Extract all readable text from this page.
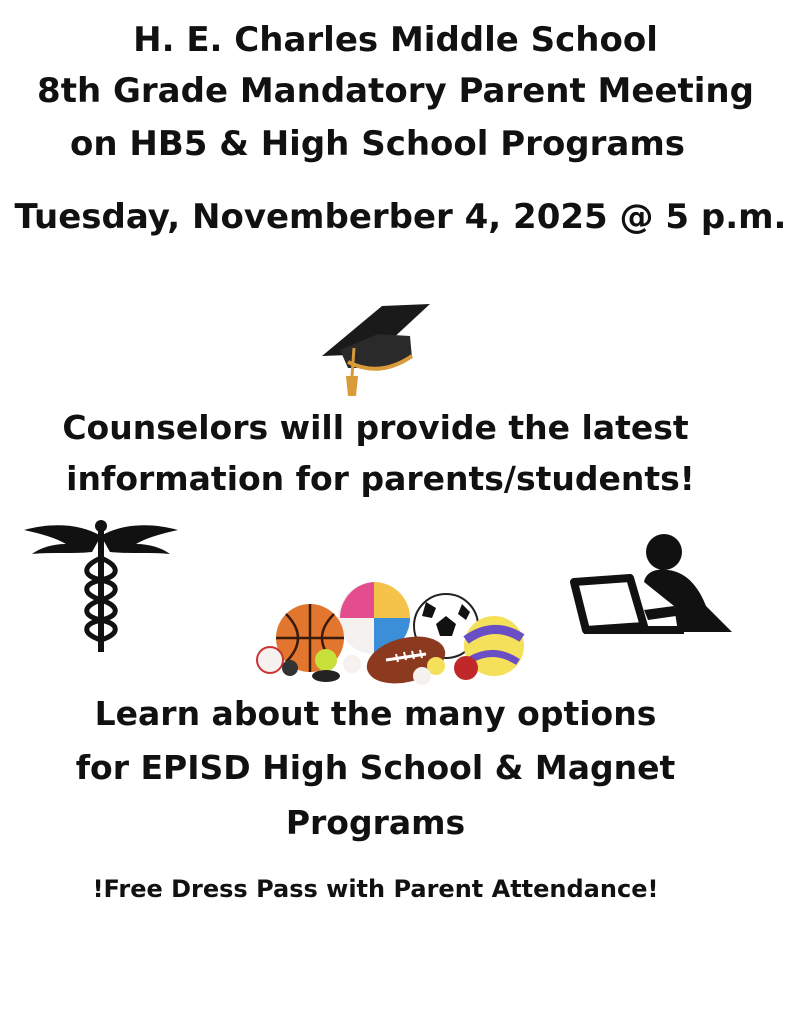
H. E. Charles Middle School
8th Grade Mandatory Parent Meeting
on HB5 & High School Programs
Tuesday, Novemberber 4, 2025 @ 5 p.m.
Counselors will provide the latest
information for parents/students!
Learn about the many options
for EPISD High School & Magnet
Programs
!Free Dress Pass with Parent Attendance!
